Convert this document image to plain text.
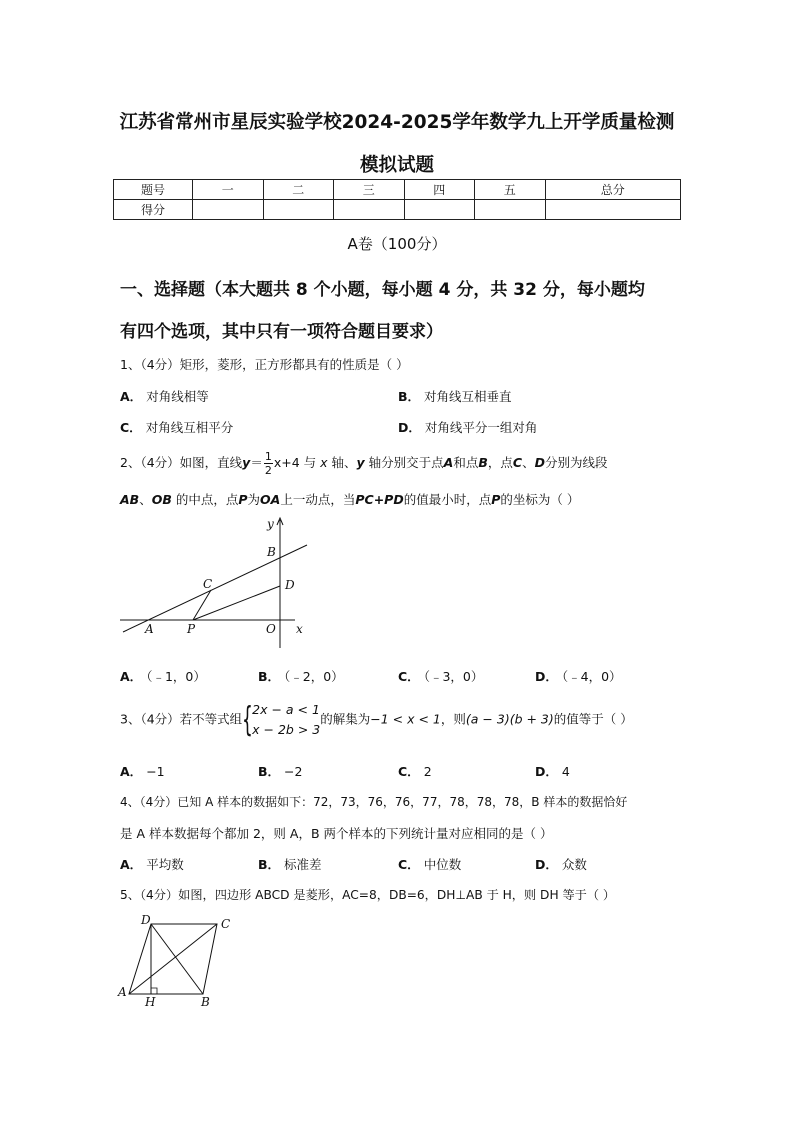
江苏省常州市星辰实验学校2024-2025学年数学九上开学质量检测
模拟试题
题号	一	二	三	四	五	总分
得分						
A卷（100分）
一、选择题（本大题共 8 个小题，每小题 4 分，共 32 分，每小题均
有四个选项，其中只有一项符合题目要求）
1、（4分）矩形，菱形，正方形都具有的性质是（ ）
A． 对角线相等	B． 对角线互相垂直
C． 对角线互相平分	D． 对角线平分一组对角
2、（4分）如图，直线$y= \frac{1}{2} x+4$ 与 x 轴、y 轴分别交于点A和点B，点C、D分别为线段
AB、OB 的中点，点P为OA上一动点，当PC+PD的值最小时，点P的坐标为（ ）
y
B
C	D
A	P	O x
A． （﹣1，0）	B． （﹣2，0）	C． （﹣3，0）	D． （﹣4，0）
3、（4分）若不等式组 { 2x − a < 1
x − 2b > 3
的解集为−1 < x < 1，则(a − 3)(b + 3)的值等于（ ）
A． −1	B． −2	C． 2	D． 4
4、（4分）已知 A 样本的数据如下：72，73，76，76，77，78，78，78，B 样本的数据恰好
是 A 样本数据每个都加 2，则 A，B 两个样本的下列统计量对应相同的是（ ）
A． 平均数	B． 标准差	C． 中位数	D． 众数
5、（4分）如图，四边形 ABCD 是菱形，AC=8，DB=6，DH⊥AB 于 H，则 DH 等于（ ）
D	C
A
H	B
